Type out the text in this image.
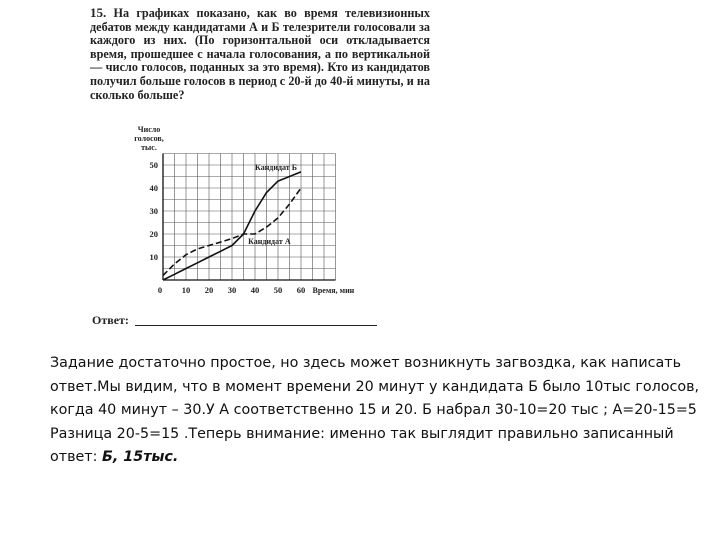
15. На графиках показано, как во время телевизионных дебатов между кандидатами А и Б телезрители голосовали за каждого из них. (По горизонтальной оси откладывается время, прошедшее с начала голосования, а по вертикальной — число голосов, поданных за это время). Кто из кандидатов получил больше голосов в период с 20-й до 40-й минуты, и на сколько больше?
10 20 30 40 50 60
10
20
30
40
50
0
Число
голосов,
тыс.
Время, мин
Кандидат Б
Кандидат А
Ответ:
Задание достаточно простое, но здесь может возникнуть загвоздка, как написать ответ.Мы видим, что в момент времени 20 минут у кандидата Б было 10тыс голосов, когда 40 минут – 30.У А соответственно 15 и 20. Б набрал 30-10=20 тыс ; А=20-15=5 Разница 20-5=15 .Теперь внимание: именно так выглядит правильно записанный ответ: Б, 15тыс.
